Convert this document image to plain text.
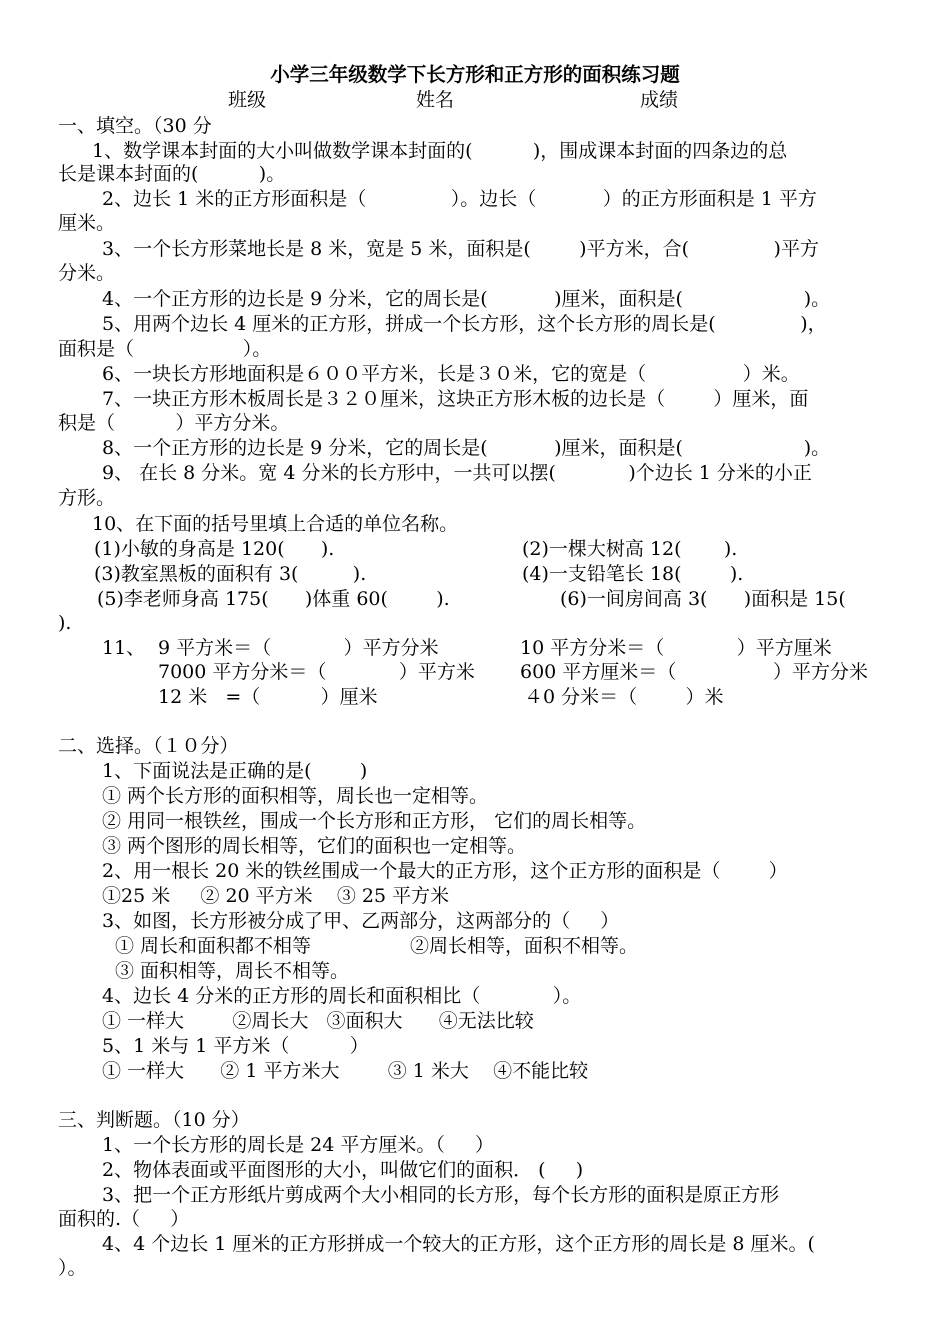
小学三年级数学下长方形和正方形的面积练习题
班级	姓名	成绩
一、填空。（30 分
1、数学课本封面的大小叫做数学课本封面的(          )，围成课本封面的四条边的总
长是课本封面的(          )。
2、边长 1 米的正方形面积是（              ）。边长（           ）的正方形面积是 1 平方
厘米。
3、一个长方形菜地长是 8 米，宽是 5 米，面积是(        )平方米，合(              )平方
分米。
4、一个正方形的边长是 9 分米，它的周长是(           )厘米，面积是(                    )。
5、用两个边长 4 厘米的正方形，拼成一个长方形，这个长方形的周长是(              )，
面积是（                  ）。
6、一块长方形地面积是６００平方米，长是３０米，它的宽是（                ）米。
7、一块正方形木板周长是３２０厘米，这块正方形木板的边长是（        ）厘米，面
积是（          ）平方分米。
8、一个正方形的边长是 9 分米，它的周长是(           )厘米，面积是(                    )。
9、 在长 8 分米。宽 4 分米的长方形中，一共可以摆(            )个边长 1 分米的小正
方形。
10、在下面的括号里填上合适的单位名称。
(1)小敏的身高是 120(      ).	(2)一棵大树高 12(       ).
(3)教室黑板的面积有 3(         ).	(4)一支铅笔长 18(        ).
(5)李老师身高 175(      )体重 60(        ).	(6)一间房间高 3(      )面积是 15(
).
11、 9 平方米＝（            ）平方分米	10 平方分米＝（            ）平方厘米
7000 平方分米＝（            ）平方米 600 平方厘米＝（                ）平方分米
12 米   =（          ）厘米	４0 分米＝（        ）米
二、选择。（１０分）
1、下面说法是正确的是(        )
① 两个长方形的面积相等，周长也一定相等。
② 用同一根铁丝，围成一个长方形和正方形， 它们的周长相等。
③ 两个图形的周长相等，它们的面积也一定相等。
2、用一根长 20 米的铁丝围成一个最大的正方形，这个正方形的面积是（        ）
①25 米     ② 20 平方米    ③ 25 平方米
3、如图，长方形被分成了甲、乙两部分，这两部分的（     ）
① 周长和面积都不相等	②周长相等，面积不相等。
③ 面积相等，周长不相等。
4、边长 4 分米的正方形的周长和面积相比（            ）。
① 一样大        ②周长大   ③面积大      ④无法比较
5、1 米与 1 平方米（          ）
① 一样大      ② 1 平方米大        ③ 1 米大    ④不能比较
三、判断题。（10 分）
1、一个长方形的周长是 24 平方厘米。（     ）
2、物体表面或平面图形的大小，叫做它们的面积． (     )
3、把一个正方形纸片剪成两个大小相同的长方形，每个长方形的面积是原正方形
面积的.（     ）
4、4 个边长 1 厘米的正方形拼成一个较大的正方形，这个正方形的周长是 8 厘米。(
）。
